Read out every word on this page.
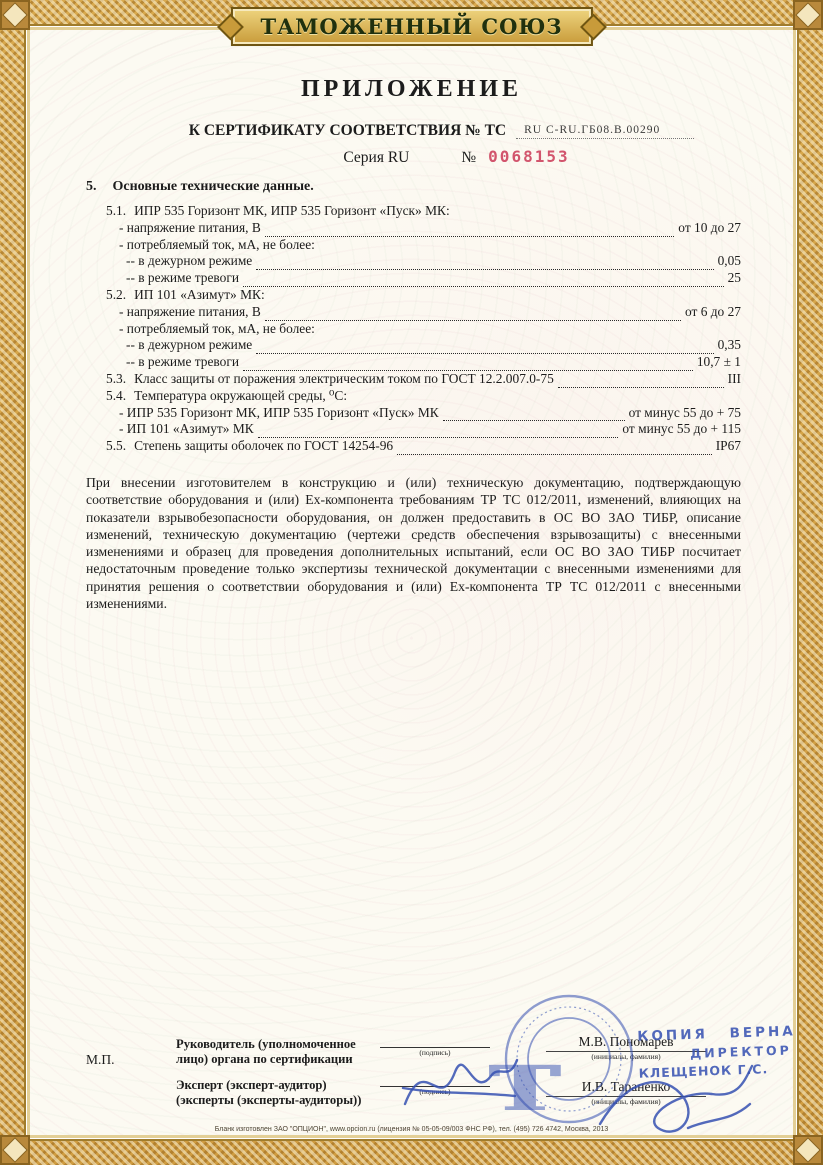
ТАМОЖЕННЫЙ СОЮЗ
ПРИЛОЖЕНИЕ
К СЕРТИФИКАТУ СООТВЕТСТВИЯ № ТС RU C-RU.ГБ08.В.00290
Серия RU	№ 0068153
5. Основные технические данные.
5.1. ИПР 535 Горизонт МК, ИПР 535 Горизонт «Пуск» МК:
- напряжение питания, В	от 10 до 27
- потребляемый ток, мА, не более:
-- в дежурном режиме	0,05
-- в режиме тревоги	25
5.2. ИП 101 «Азимут» МК:
- напряжение питания, В	от 6 до 27
- потребляемый ток, мА, не более:
-- в дежурном режиме	0,35
-- в режиме тревоги	10,7 ± 1
5.3. Класс защиты от поражения электрическим током по ГОСТ 12.2.007.0-75	III
5.4. Температура окружающей среды, ⁰С:
- ИПР 535 Горизонт МК, ИПР 535 Горизонт «Пуск» МК	от минус 55 до + 75
- ИП 101 «Азимут» МК	от минус 55 до + 115
5.5. Степень защиты оболочек по ГОСТ 14254-96	IP67
При внесении изготовителем в конструкцию и (или) техническую документацию, подтверждающую соответствие оборудования и (или) Ех-компонента требованиям ТР ТС 012/2011, изменений, влияющих на показатели взрывобезопасности оборудования, он должен предоставить в ОС ВО ЗАО ТИБР, описание изменений, техническую документацию (чертежи средств обеспечения взрывозащиты) с внесенными изменениями и образец для проведения дополнительных испытаний, если ОС ВО ЗАО ТИБР посчитает недостаточным проведение только экспертизы технической документации с внесенными изменениями для принятия решения о соответствии оборудования и (или) Ех-компонента ТР ТС 012/2011 с внесенными изменениями.
М.П.
Руководитель (уполномоченное
лицо) органа по сертификации	(подпись)
М.В. Пономарев
(инициалы, фамилия)
Эксперт (эксперт-аудитор)
(эксперты (эксперты-аудиторы))
(подпись)	И.В. Тараненко
(инициалы, фамилия)
Т
КОПИЯ ВЕРНА
ДИРЕКТОР
КЛЕЩЕНОК Г.С.
Бланк изготовлен ЗАО "ОПЦИОН", www.opcion.ru (лицензия № 05-05-09/003 ФНС РФ), тел. (495) 726 4742, Москва, 2013
